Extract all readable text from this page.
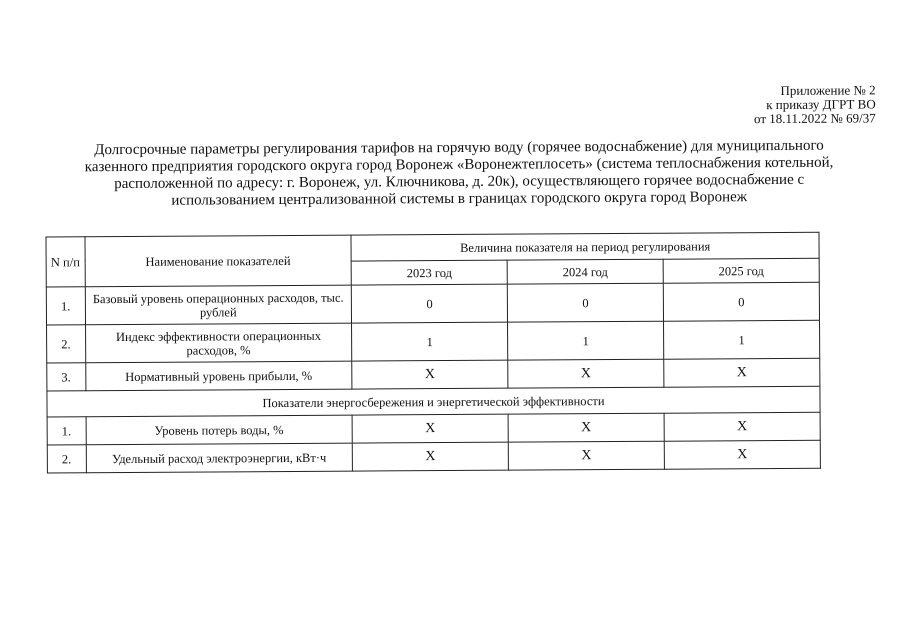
Приложение № 2
к приказу ДГРТ ВО
от 18.11.2022 № 69/37
Долгосрочные параметры регулирования тарифов на горячую воду (горячее водоснабжение) для муниципального
казенного предприятия городского округа город Воронеж «Воронежтеплосеть» (система теплоснабжения котельной,
расположенной по адресу: г. Воронеж, ул. Ключникова, д. 20к), осуществляющего горячее водоснабжение с
использованием централизованной системы в границах городского округа город Воронеж
N п/п	Наименование показателей	Величина показателя на период регулирования		
		2023 год	2024 год	2025 год
1.	Базовый уровень операционных расходов, тыс. рублей	0	0	0
2.	Индекс эффективности операционных расходов, %	1	1	1
3.	Нормативный уровень прибыли, %	X	X	X
Показатели энергосбережения и энергетической эффективности				
1.	Уровень потерь воды, %	X	X	X
2.	Удельный расход электроэнергии, кВт·ч	X	X	X
